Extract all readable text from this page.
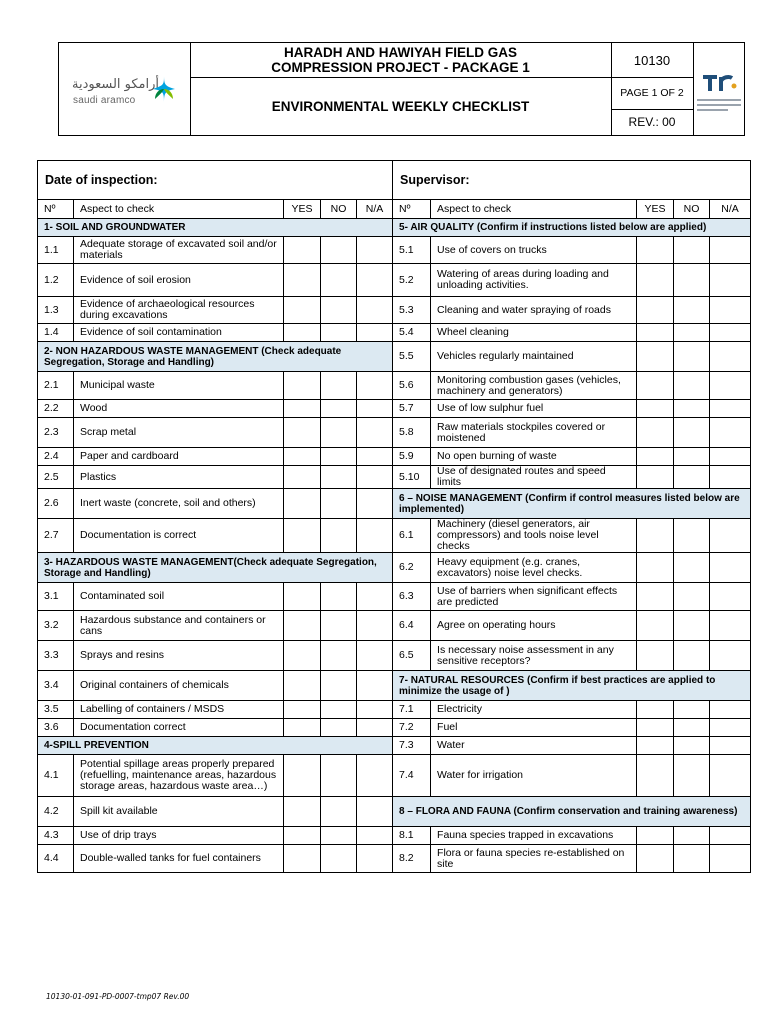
أرامكو السعودية
saudi aramco
HARADH AND HAWIYAH FIELD GAS
COMPRESSION PROJECT - PACKAGE 1
ENVIRONMENTAL WEEKLY CHECKLIST
10130
PAGE 1 OF 2
REV.: 00
Date of inspection:					Supervisor:				
Nº	Aspect to check	YES	NO	N/A	Nº	Aspect to check	YES	NO	N/A
1- SOIL AND GROUNDWATER					5- AIR QUALITY (Confirm if instructions listed below are applied)				
1.1	Adequate storage of excavated soil and/or materials				5.1	Use of covers on trucks			
1.2	Evidence of soil erosion				5.2	Watering of areas during loading and unloading activities.			
1.3	Evidence of archaeological resources during excavations				5.3	Cleaning and water spraying of roads			
1.4	Evidence of soil contamination				5.4	Wheel cleaning			
2- NON HAZARDOUS WASTE MANAGEMENT (Check adequate Segregation, Storage and Handling)					5.5	Vehicles regularly maintained			
2.1	Municipal waste				5.6	Monitoring combustion gases (vehicles, machinery and generators)			
2.2	Wood				5.7	Use of low sulphur fuel			
2.3	Scrap metal				5.8	Raw materials stockpiles covered or moistened			
2.4	Paper and cardboard				5.9	No open burning of waste			
2.5	Plastics				5.10	Use of designated routes and speed limits			
2.6	Inert waste (concrete, soil and others)				6 – NOISE MANAGEMENT (Confirm if control measures listed below are implemented)				
2.7	Documentation is correct				6.1	Machinery (diesel generators, air compressors) and tools noise level checks			
3- HAZARDOUS WASTE MANAGEMENT(Check adequate Segregation, Storage and Handling)					6.2	Heavy equipment (e.g. cranes, excavators) noise level checks.			
3.1	Contaminated soil				6.3	Use of barriers when significant effects are predicted			
3.2	Hazardous substance and containers or cans				6.4	Agree on operating hours			
3.3	Sprays and resins				6.5	Is necessary noise assessment in any sensitive receptors?			
3.4	Original containers of chemicals				7- NATURAL RESOURCES (Confirm if best practices are applied to minimize the usage of )				
3.5	Labelling of containers / MSDS				7.1	Electricity			
3.6	Documentation correct				7.2	Fuel			
4-SPILL PREVENTION					7.3	Water			
4.1	Potential spillage areas properly prepared (refuelling, maintenance areas, hazardous storage areas, hazardous waste area…)				7.4	Water for irrigation			
4.2	Spill kit available				8 – FLORA AND FAUNA (Confirm conservation and training awareness)				
4.3	Use of drip trays				8.1	Fauna species trapped in excavations			
4.4	Double-walled tanks for fuel containers				8.2	Flora or fauna species re-established on site			
10130-01-091-PD-0007-tmp07 Rev.00
